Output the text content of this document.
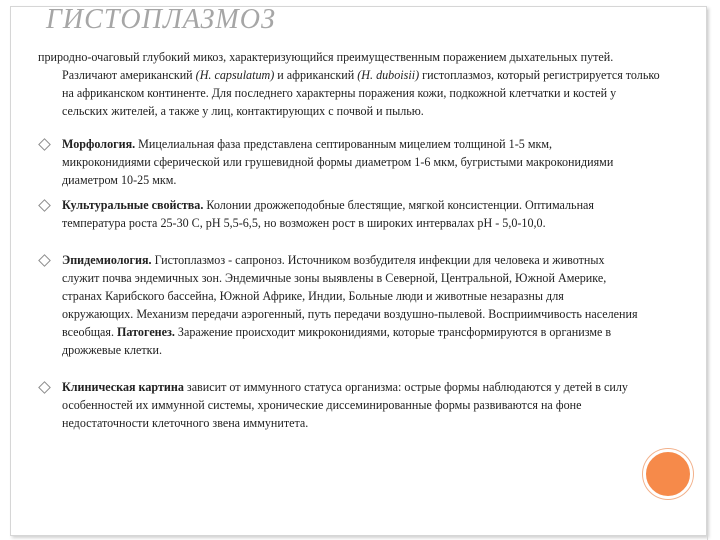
ГИСТОПЛАЗМОЗ
природно-очаговый глубокий микоз, характеризующийся преимущественным поражением дыхательных путей. Различают американский (H. capsulatum) и африканский (H. duboisii) гистоплазмоз, который регистрируется только на африканском континенте. Для последнего характерны поражения кожи, подкожной клетчатки и костей у сельских жителей, а также у лиц, контактирующих с почвой и пылью.
Морфология. Мицелиальная фаза представлена септированным мицелием толщиной 1-5 мкм, микроконидиями сферической или грушевидной формы диаметром 1-6 мкм, бугристыми макроконидиями диаметром 10-25 мкм.
Культуральные свойства. Колонии дрожжеподобные блестящие, мягкой консистенции. Оптимальная температура роста 25-30 С, рН 5,5-6,5, но возможен рост в широких интервалах рН - 5,0-10,0.
Эпидемиология. Гистоплазмоз - сапроноз. Источником возбудителя инфекции для человека и животных служит почва эндемичных зон. Эндемичные зоны выявлены в Северной, Центральной, Южной Америке, странах Карибского бассейна, Южной Африке, Индии, Больные люди и животные незаразны для окружающих. Механизм передачи аэрогенный, путь передачи воздушно-пылевой. Восприимчивость населения всеобщая. Патогенез. Заражение происходит микроконидиями, которые трансформируются в организме в дрожжевые клетки.
Клиническая картина зависит от иммунного статуса организма: острые формы наблюдаются у детей в силу особенностей их иммунной системы, хронические диссеминированные формы развиваются на фоне недостаточности клеточного звена иммунитета.
